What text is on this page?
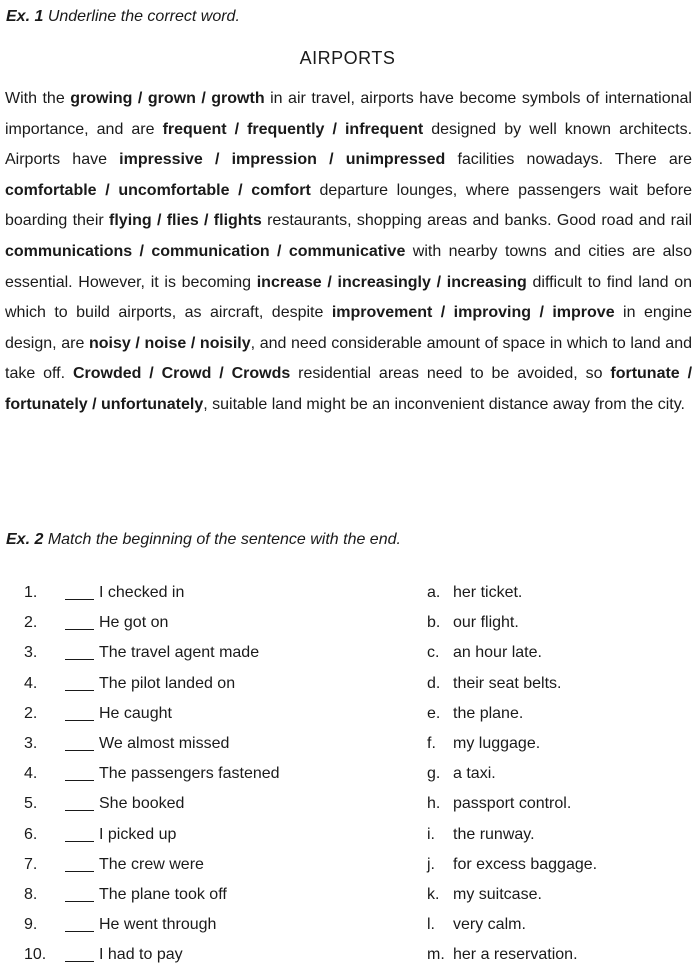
Ex. 1 Underline the correct word.
AIRPORTS

With the growing / grown / growth in air travel, airports have become symbols of international importance, and are frequent / frequently / infrequent designed by well known architects. Airports have impressive / impression / unimpressed facilities nowadays. There are comfortable / uncomfortable / comfort departure lounges, where passengers wait before boarding their flying / flies / flights restaurants, shopping areas and banks. Good road and rail communications / communication / communicative with nearby towns and cities are also essential. However, it is becoming increase / increasingly / increasing difficult to find land on which to build airports, as aircraft, despite improvement / improving / improve in engine design, are noisy / noise / noisily, and need considerable amount of space in which to land and take off. Crowded / Crowd / Crowds residential areas need to be avoided, so fortunate / fortunately / unfortunately, suitable land might be an inconvenient distance away from the city.

Ex. 2 Match the beginning of the sentence with the end.
1.	I checked in	a. her ticket.
2.	He got on	b. our flight.
3.	The travel agent made	c. an hour late.
4.	The pilot landed on	d. their seat belts.
2.	He caught	e. the plane.
3.	We almost missed	f. my luggage.
4.	The passengers fastened	g. a taxi.
5.	She booked	h. passport control.
6.	I picked up	i. the runway.
7.	The crew were	j. for excess baggage.
8.	The plane took off	k. my suitcase.
9.	He went through	l. very calm.
10.	I had to pay	m. her a reservation.
